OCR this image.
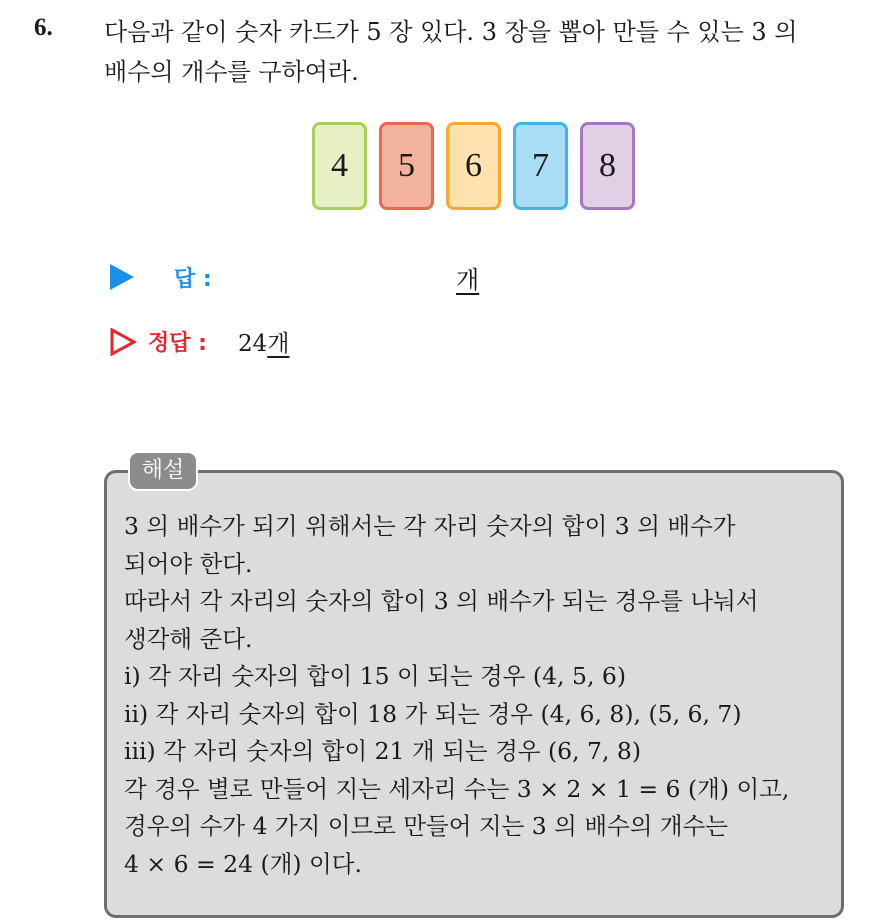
6. 다음과 같이 숫자 카드가 5 장 있다. 3 장을 뽑아 만들 수 있는 3 의
배수의 개수를 구하여라.
4	5	6	7	8
답 :	개
정답 : 24개
해설
3 의 배수가 되기 위해서는 각 자리 숫자의 합이 3 의 배수가
되어야 한다.
따라서 각 자리의 숫자의 합이 3 의 배수가 되는 경우를 나눠서
생각해 준다.
ⅰ) 각 자리 숫자의 합이 15 이 되는 경우 (4, 5, 6)
ⅱ) 각 자리 숫자의 합이 18 가 되는 경우 (4, 6, 8), (5, 6, 7)
ⅲ) 각 자리 숫자의 합이 21 개 되는 경우 (6, 7, 8)
각 경우 별로 만들어 지는 세자리 수는 3 × 2 × 1 = 6 (개) 이고,
경우의 수가 4 가지 이므로 만들어 지는 3 의 배수의 개수는
4 × 6 = 24 (개) 이다.
